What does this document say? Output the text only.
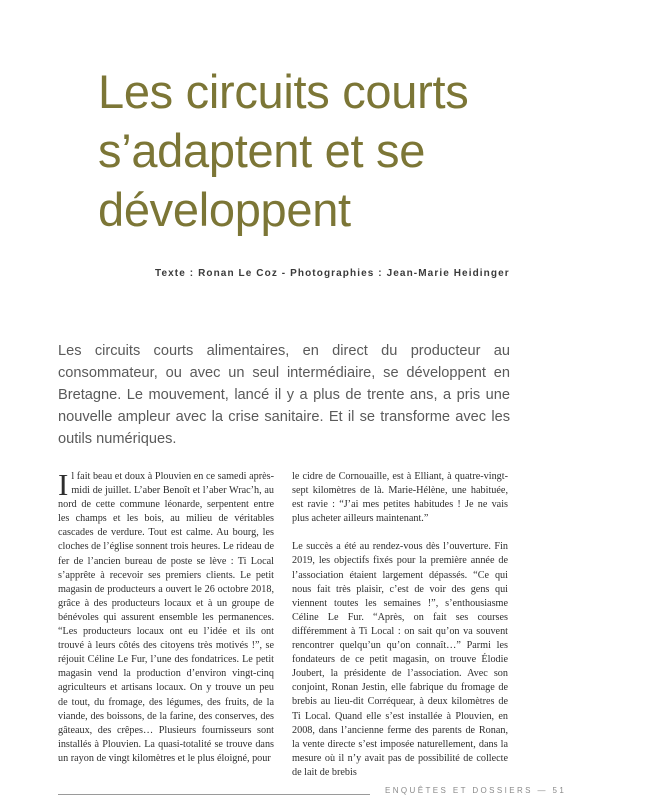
Les circuits courts s’adaptent et se développent
Texte : Ronan Le Coz - Photographies : Jean-Marie Heidinger

Les circuits courts alimentaires, en direct du producteur au consommateur, ou avec un seul intermédiaire, se développent en Bretagne. Le mouvement, lancé il y a plus de trente ans, a pris une nouvelle ampleur avec la crise sanitaire. Et il se transforme avec les outils numériques.

Il fait beau et doux à Plouvien en ce samedi après-midi de juillet. L’aber Benoît et l’aber Wrac’h, au nord de cette commune léonarde, serpentent entre les champs et les bois, au milieu de véritables cascades de verdure. Tout est calme. Au bourg, les cloches de l’église sonnent trois heures. Le rideau de fer de l’ancien bureau de poste se lève : Ti Local s’apprête à recevoir ses premiers clients. Le petit magasin de producteurs a ouvert le 26 octobre 2018, grâce à des producteurs locaux et à un groupe de bénévoles qui assurent ensemble les permanences. “Les producteurs locaux ont eu l’idée et ils ont trouvé à leurs côtés des citoyens très motivés !”, se réjouit Céline Le Fur, l’une des fondatrices. Le petit magasin vend la production d’environ vingt-cinq agriculteurs et artisans locaux. On y trouve un peu de tout, du fromage, des légumes, des fruits, de la viande, des boissons, de la farine, des conserves, des gâteaux, des crêpes… Plusieurs fournisseurs sont installés à Plouvien. La quasi-totalité se trouve dans un rayon de vingt kilomètres et le plus éloigné, pour

le cidre de Cornouaille, est à Elliant, à quatre-vingt-sept kilomètres de là. Marie-Hélène, une habituée, est ravie : “J’ai mes petites habitudes ! Je ne vais plus acheter ailleurs maintenant.”

Le succès a été au rendez-vous dès l’ouverture. Fin 2019, les objectifs fixés pour la première année de l’association étaient largement dépassés. “Ce qui nous fait très plaisir, c’est de voir des gens qui viennent toutes les semaines !”, s’enthousiasme Céline Le Fur. “Après, on fait ses courses différemment à Ti Local : on sait qu’on va souvent rencontrer quelqu’un qu’on connaît…” Parmi les fondateurs de ce petit magasin, on trouve Élodie Joubert, la présidente de l’association. Avec son conjoint, Ronan Jestin, elle fabrique du fromage de brebis au lieu-dit Corréquear, à deux kilomètres de Ti Local. Quand elle s’est installée à Plouvien, en 2008, dans l’ancienne ferme des parents de Ronan, la vente directe s’est imposée naturellement, dans la mesure où il n’y avait pas de possibilité de collecte de lait de brebis

ENQUÊTES ET DOSSIERS — 51
